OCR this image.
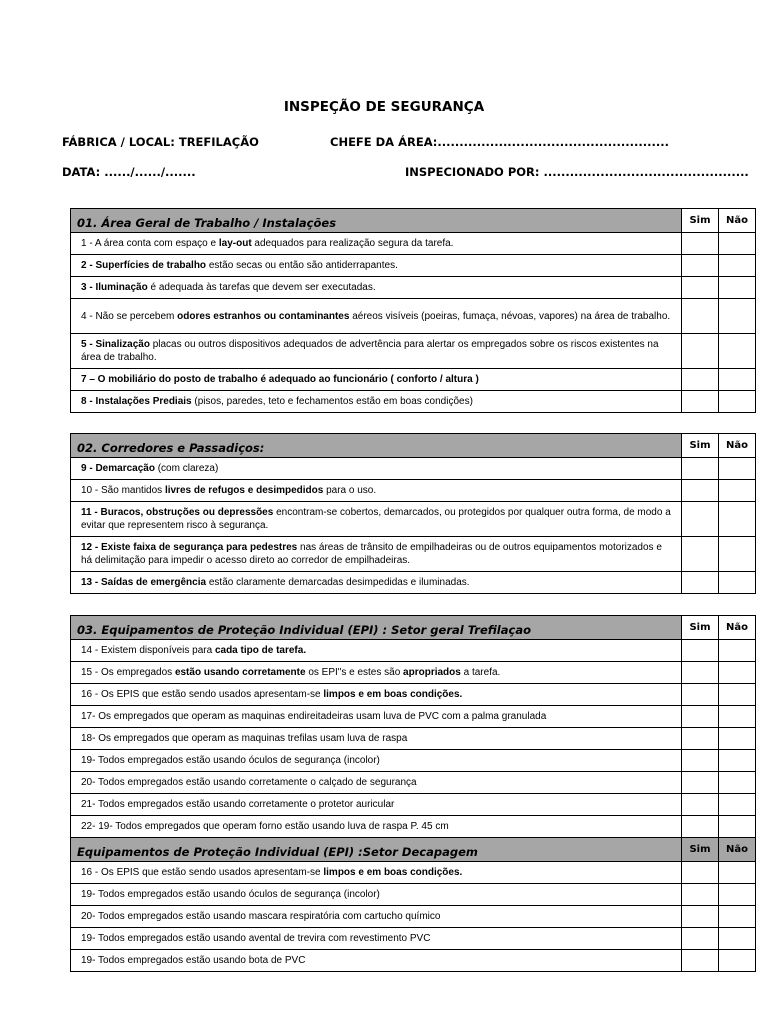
INSPEÇÃO DE SEGURANÇA
FÁBRICA / LOCAL: TREFILAÇÃO	CHEFE DA ÁREA:.....................................................
DATA: ....../....../.......	INSPECIONADO POR: ...............................................
01. Área Geral de Trabalho / Instalações	Sim	Não
1 - A área conta com espaço e lay-out adequados para realização segura da tarefa.		
2 - Superfícies de trabalho estão secas ou então são antiderrapantes.		
3 - Iluminação é adequada às tarefas que devem ser executadas.		
4 - Não se percebem odores estranhos ou contaminantes aéreos visíveis (poeiras, fumaça, névoas, vapores) na área de trabalho.		
5 - Sinalização placas ou outros dispositivos adequados de advertência para alertar os empregados sobre os riscos existentes na área de trabalho.		
7 – O mobiliário do posto de trabalho é adequado ao funcionário ( conforto / altura )		
8 - Instalações Prediais (pisos, paredes, teto e fechamentos estão em boas condições)		
02. Corredores e Passadiços:	Sim	Não
9 - Demarcação (com clareza)		
10 - São mantidos livres de refugos e desimpedidos para o uso.		
11 - Buracos, obstruções ou depressões encontram-se cobertos, demarcados, ou protegidos por qualquer outra forma, de modo a evitar que representem risco à segurança.		
12 - Existe faixa de segurança para pedestres nas áreas de trânsito de empilhadeiras ou de outros equipamentos motorizados e há delimitação para impedir o acesso direto ao corredor de empilhadeiras.		
13 - Saídas de emergência estão claramente demarcadas desimpedidas e iluminadas.		
03. Equipamentos de Proteção Individual (EPI) : Setor geral Trefilaçao	Sim	Não
14 - Existem disponíveis para cada tipo de tarefa.		
15 - Os empregados estão usando corretamente os EPI"s e estes são apropriados a tarefa.		
16 - Os EPIS que estão sendo usados apresentam-se limpos e em boas condições.		
17- Os empregados que operam as maquinas endireitadeiras usam luva de PVC com a palma granulada		
18- Os empregados que operam as maquinas trefilas usam luva de raspa		
19- Todos empregados estão usando óculos de segurança (incolor)		
20- Todos empregados estão usando corretamente o calçado de segurança		
21- Todos empregados estão usando corretamente o protetor auricular		
22- 19- Todos empregados que operam forno estão usando luva de raspa P. 45 cm		
Equipamentos de Proteção Individual (EPI) :Setor Decapagem	Sim	Não
16 - Os EPIS que estão sendo usados apresentam-se limpos e em boas condições.		
19- Todos empregados estão usando óculos de segurança (incolor)		
20- Todos empregados estão usando mascara respiratória com cartucho químico		
19- Todos empregados estão usando avental de trevira com revestimento PVC		
19- Todos empregados estão usando bota de PVC		
